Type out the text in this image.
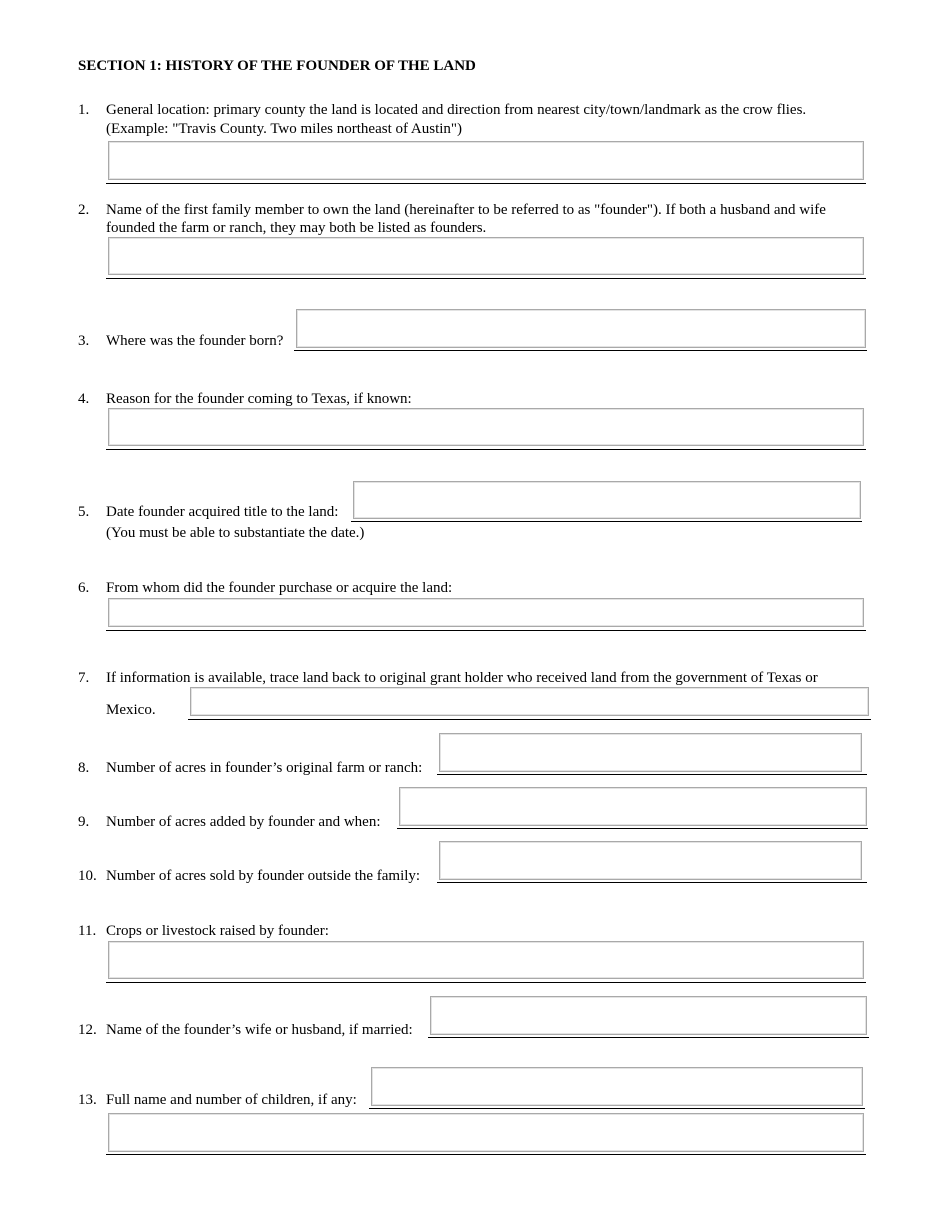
SECTION 1: HISTORY OF THE FOUNDER OF THE LAND
1. General location: primary county the land is located and direction from nearest city/town/landmark as the crow flies.
(Example: "Travis County. Two miles northeast of Austin")
2. Name of the first family member to own the land (hereinafter to be referred to as "founder"). If both a husband and wife
founded the farm or ranch, they may both be listed as founders.
3. Where was the founder born?
4. Reason for the founder coming to Texas, if known:
5. Date founder acquired title to the land:
(You must be able to substantiate the date.)
6. From whom did the founder purchase or acquire the land:
7. If information is available, trace land back to original grant holder who received land from the government of Texas or
Mexico.
8. Number of acres in founder’s original farm or ranch:
9. Number of acres added by founder and when:
10. Number of acres sold by founder outside the family:
11. Crops or livestock raised by founder:
12. Name of the founder’s wife or husband, if married:
13. Full name and number of children, if any:
